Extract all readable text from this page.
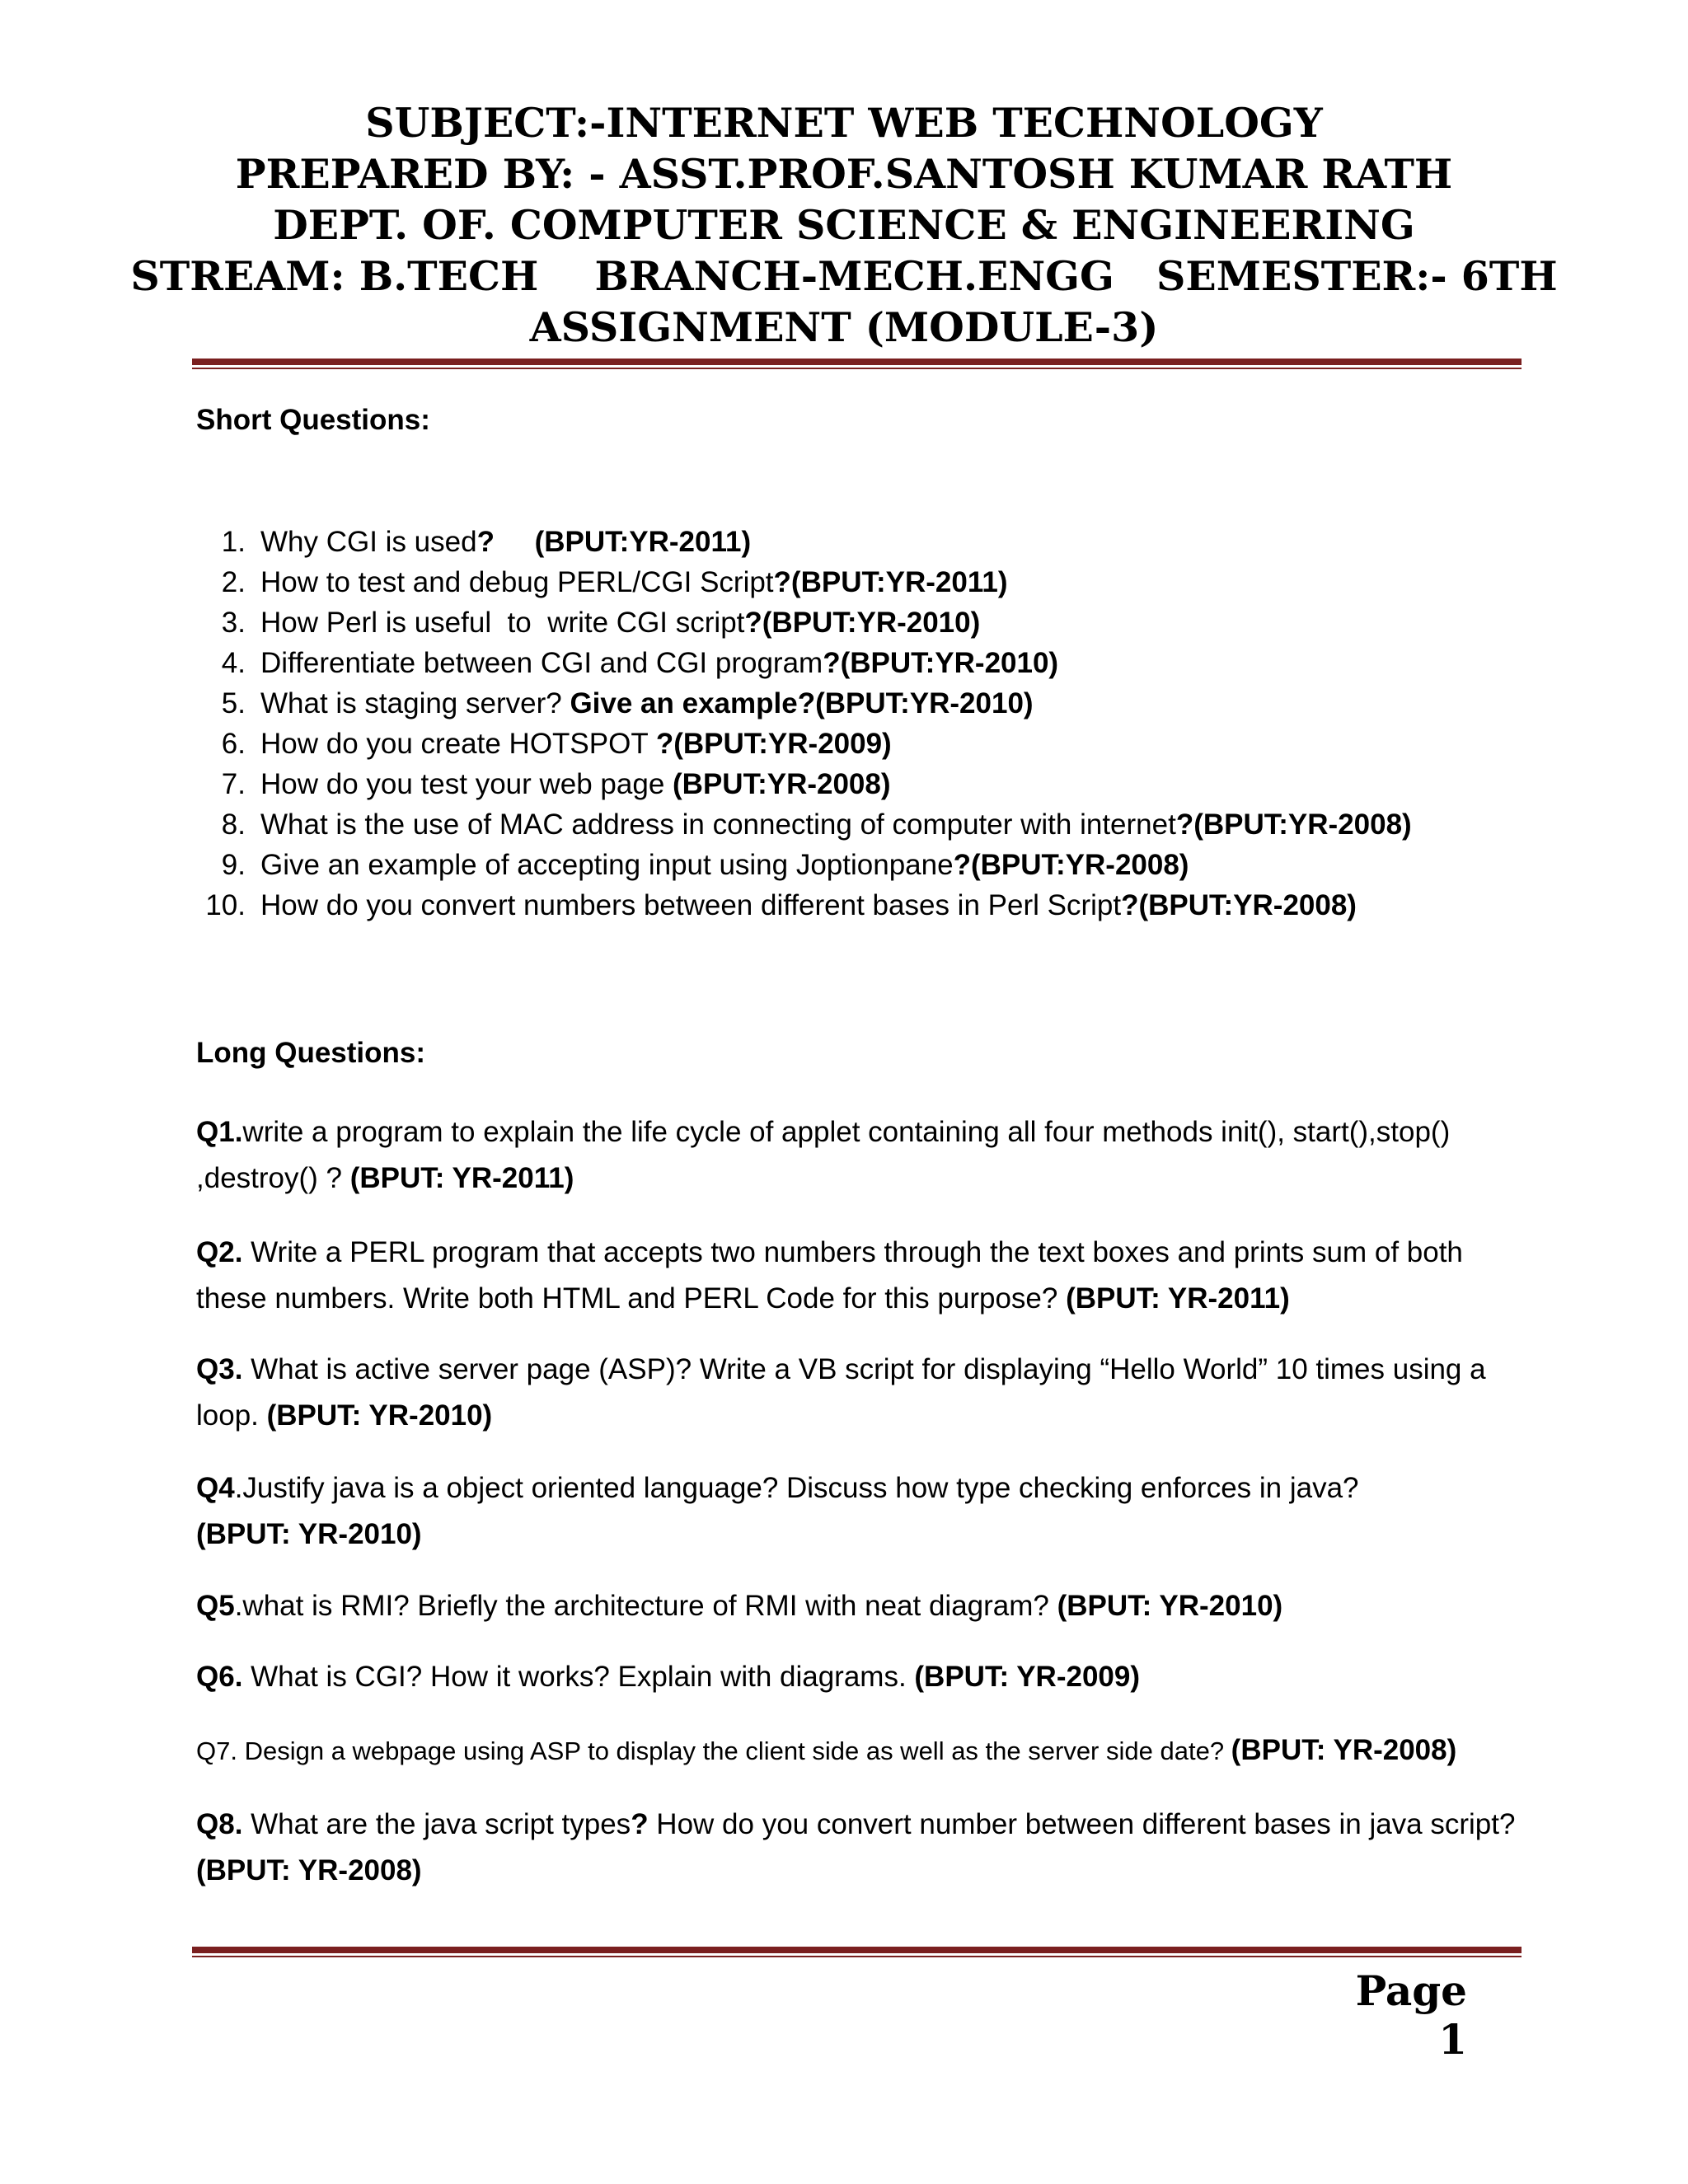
SUBJECT:-INTERNET WEB TECHNOLOGY
PREPARED BY: - ASST.PROF.SANTOSH KUMAR RATH
DEPT. OF. COMPUTER SCIENCE & ENGINEERING
STREAM: B.TECH    BRANCH-MECH.ENGG   SEMESTER:- 6TH
ASSIGNMENT (MODULE-3)
Short Questions:
1. Why CGI is used?     (BPUT:YR-2011)
2. How to test and debug PERL/CGI Script?(BPUT:YR-2011)
3. How Perl is useful  to  write CGI script?(BPUT:YR-2010)
4. Differentiate between CGI and CGI program?(BPUT:YR-2010)
5. What is staging server? Give an example?(BPUT:YR-2010)
6. How do you create HOTSPOT ?(BPUT:YR-2009)
7. How do you test your web page (BPUT:YR-2008)
8. What is the use of MAC address in connecting of computer with internet?(BPUT:YR-2008)
9. Give an example of accepting input using Joptionpane?(BPUT:YR-2008)
10. How do you convert numbers between different bases in Perl Script?(BPUT:YR-2008)
Long Questions:
Q1.write a program to explain the life cycle of applet containing all four methods init(), start(),stop() ,destroy() ? (BPUT: YR-2011)
Q2. Write a PERL program that accepts two numbers through the text boxes and prints sum of both these numbers. Write both HTML and PERL Code for this purpose? (BPUT: YR-2011)
Q3. What is active server page (ASP)? Write a VB script for displaying “Hello World” 10 times using a loop. (BPUT: YR-2010)
Q4.Justify java is a object oriented language? Discuss how type checking enforces in java?
(BPUT: YR-2010)
Q5.what is RMI? Briefly the architecture of RMI with neat diagram? (BPUT: YR-2010)
Q6. What is CGI? How it works? Explain with diagrams. (BPUT: YR-2009)
Q7. Design a webpage using ASP to display the client side as well as the server side date? (BPUT: YR-2008)
Q8. What are the java script types? How do you convert number between different bases in java script? (BPUT: YR-2008)
Page 1
